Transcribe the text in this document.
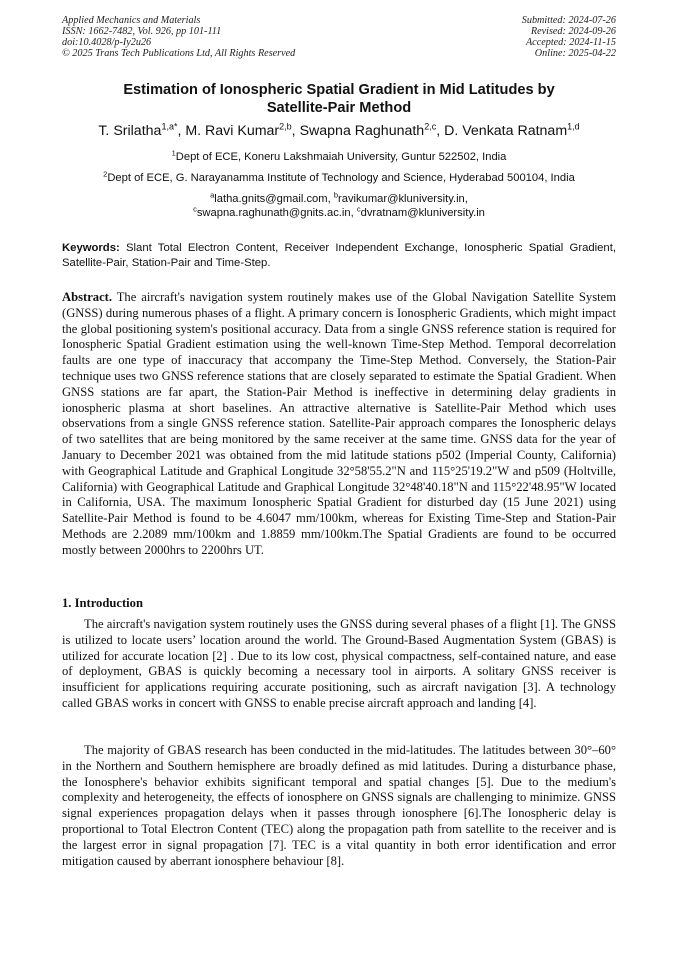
Applied Mechanics and Materials
ISSN: 1662-7482, Vol. 926, pp 101-111
doi:10.4028/p-Iy2u26
© 2025 Trans Tech Publications Ltd, All Rights Reserved
Submitted: 2024-07-26
Revised: 2024-09-26
Accepted: 2024-11-15
Online: 2025-04-22
Estimation of Ionospheric Spatial Gradient in Mid Latitudes by
Satellite-Pair Method
T. Srilatha$^{1,a*}$, M. Ravi Kumar$^{2,b}$, Swapna Raghunath$^{2,c}$, D. Venkata Ratnam$^{1,d}$
$^1$Dept of ECE, Koneru Lakshmaiah University, Guntur 522502, India
$^2$Dept of ECE, G. Narayanamma Institute of Technology and Science, Hyderabad 500104, India
$^a$latha.gnits@gmail.com, $^b$ravikumar@kluniversity.in,
$^c$swapna.raghunath@gnits.ac.in, $^c$dvratnam@kluniversity.in
Keywords: Slant Total Electron Content, Receiver Independent Exchange, Ionospheric Spatial Gradient, Satellite-Pair, Station-Pair and Time-Step.
Abstract. The aircraft's navigation system routinely makes use of the Global Navigation Satellite System (GNSS) during numerous phases of a flight. A primary concern is Ionospheric Gradients, which might impact the global positioning system's positional accuracy. Data from a single GNSS reference station is required for Ionospheric Spatial Gradient estimation using the well-known Time-Step Method. Temporal decorrelation faults are one type of inaccuracy that accompany the Time-Step Method. Conversely, the Station-Pair technique uses two GNSS reference stations that are closely separated to estimate the Spatial Gradient. When GNSS stations are far apart, the Station-Pair Method is ineffective in determining delay gradients in ionospheric plasma at short baselines. An attractive alternative is Satellite-Pair Method which uses observations from a single GNSS reference station. Satellite-Pair approach compares the Ionospheric delays of two satellites that are being monitored by the same receiver at the same time. GNSS data for the year of January to December 2021 was obtained from the mid latitude stations p502 (Imperial County, California) with Geographical Latitude and Graphical Longitude 32°58'55.2"N and 115°25'19.2"W and p509 (Holtville, California) with Geographical Latitude and Graphical Longitude 32°48'40.18"N and 115°22'48.95"W located in California, USA. The maximum Ionospheric Spatial Gradient for disturbed day (15 June 2021) using Satellite-Pair Method is found to be 4.6047 mm/100km, whereas for Existing Time-Step and Station-Pair Methods are 2.2089 mm/100km and 1.8859 mm/100km.The Spatial Gradients are found to be occurred mostly between 2000hrs to 2200hrs UT.
1. Introduction
The aircraft's navigation system routinely uses the GNSS during several phases of a flight [1]. The GNSS is utilized to locate users’ location around the world. The Ground-Based Augmentation System (GBAS) is utilized for accurate location [2] . Due to its low cost, physical compactness, self-contained nature, and ease of deployment, GBAS is quickly becoming a necessary tool in airports. A solitary GNSS receiver is insufficient for applications requiring accurate positioning, such as aircraft navigation [3]. A technology called GBAS works in concert with GNSS to enable precise aircraft approach and landing [4].
The majority of GBAS research has been conducted in the mid-latitudes. The latitudes between 30°–60° in the Northern and Southern hemisphere are broadly defined as mid latitudes. During a disturbance phase, the Ionosphere's behavior exhibits significant temporal and spatial changes [5]. Due to the medium's complexity and heterogeneity, the effects of ionosphere on GNSS signals are challenging to minimize. GNSS signal experiences propagation delays when it passes through ionosphere [6].The Ionospheric delay is proportional to Total Electron Content (TEC) along the propagation path from satellite to the receiver and is the largest error in signal propagation [7]. TEC is a vital quantity in both error identification and error mitigation caused by aberrant ionosphere behaviour [8].
